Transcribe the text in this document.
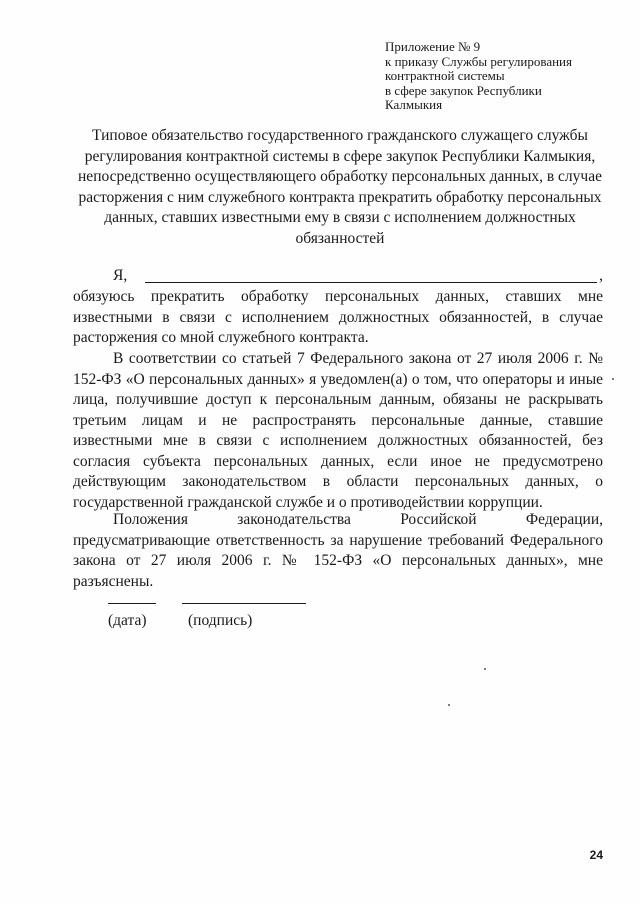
Приложение № 9
к приказу Службы регулирования
контрактной системы
в сфере закупок Республики
Калмыкия
Типовое обязательство государственного гражданского служащего службы регулирования контрактной системы в сфере закупок Республики Калмыкия, непосредственно осуществляющего обработку персональных данных, в случае расторжения с ним служебного контракта прекратить обработку персональных данных, ставших известными ему в связи с исполнением должностных обязанностей
Я,	,
обязуюсь прекратить обработку персональных данных, ставших мне известными в связи с исполнением должностных обязанностей, в случае расторжения со мной служебного контракта.
В соответствии со статьей 7 Федерального закона от 27 июля 2006 г. № 152-ФЗ «О персональных данных» я уведомлен(а) о том, что операторы и иные лица, получившие доступ к персональным данным, обязаны не раскрывать третьим лицам и не распространять персональные данные, ставшие известными мне в связи с исполнением должностных обязанностей, без согласия субъекта персональных данных, если иное не предусмотрено действующим законодательством в области персональных данных, о государственной гражданской службе и о противодействии коррупции.
Положения законодательства Российской Федерации, предусматривающие ответственность за нарушение требований Федерального закона от 27 июля 2006 г. № 152-ФЗ «О персональных данных», мне разъяснены.
(дата)	(подпись)
24
